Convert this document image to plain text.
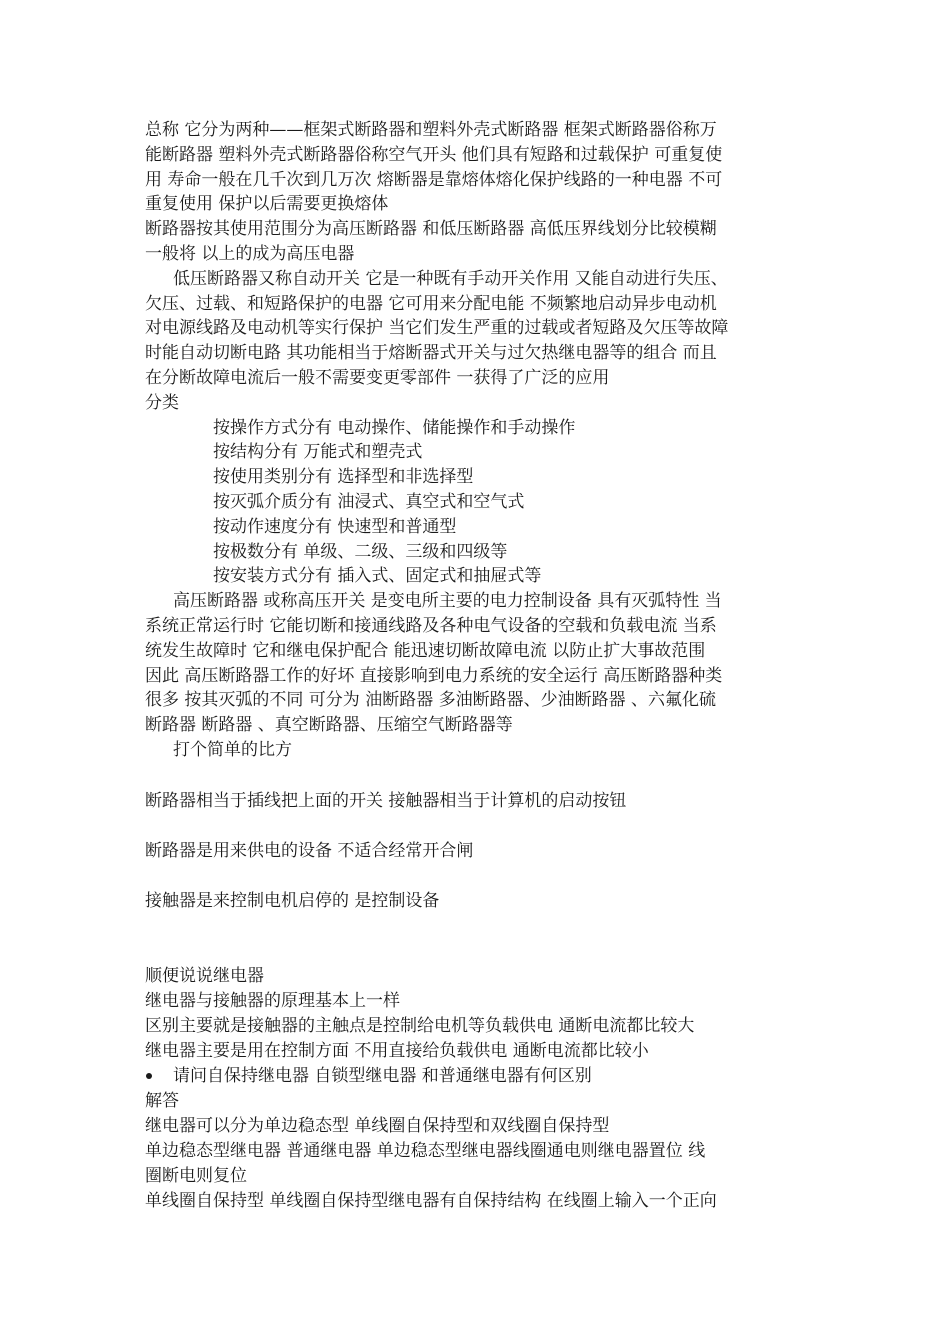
总称 它分为两种——框架式断路器和塑料外壳式断路器 框架式断路器俗称万
能断路器 塑料外壳式断路器俗称空气开头 他们具有短路和过载保护 可重复使
用 寿命一般在几千次到几万次 熔断器是靠熔体熔化保护线路的一种电器 不可
重复使用 保护以后需要更换熔体
断路器按其使用范围分为高压断路器 和低压断路器 高低压界线划分比较模糊
一般将 以上的成为高压电器
低压断路器又称自动开关 它是一种既有手动开关作用 又能自动进行失压、
欠压、过载、和短路保护的电器 它可用来分配电能 不频繁地启动异步电动机
对电源线路及电动机等实行保护 当它们发生严重的过载或者短路及欠压等故障
时能自动切断电路 其功能相当于熔断器式开关与过欠热继电器等的组合 而且
在分断故障电流后一般不需要变更零部件 一获得了广泛的应用
分类
按操作方式分有 电动操作、储能操作和手动操作
按结构分有 万能式和塑壳式
按使用类别分有 选择型和非选择型
按灭弧介质分有 油浸式、真空式和空气式
按动作速度分有 快速型和普通型
按极数分有 单级、二级、三级和四级等
按安装方式分有 插入式、固定式和抽屉式等
高压断路器 或称高压开关 是变电所主要的电力控制设备 具有灭弧特性 当
系统正常运行时 它能切断和接通线路及各种电气设备的空载和负载电流 当系
统发生故障时 它和继电保护配合 能迅速切断故障电流 以防止扩大事故范围
因此 高压断路器工作的好坏 直接影响到电力系统的安全运行 高压断路器种类
很多 按其灭弧的不同 可分为 油断路器 多油断路器、少油断路器 、六氟化硫
断路器 断路器 、真空断路器、压缩空气断路器等
打个简单的比方
断路器相当于插线把上面的开关 接触器相当于计算机的启动按钮
断路器是用来供电的设备 不适合经常开合闸
接触器是来控制电机启停的 是控制设备
顺便说说继电器
继电器与接触器的原理基本上一样
区别主要就是接触器的主触点是控制给电机等负载供电 通断电流都比较大
继电器主要是用在控制方面 不用直接给负载供电 通断电流都比较小
请问自保持继电器 自锁型继电器 和普通继电器有何区别
解答
继电器可以分为单边稳态型 单线圈自保持型和双线圈自保持型
单边稳态型继电器 普通继电器 单边稳态型继电器线圈通电则继电器置位 线
圈断电则复位
单线圈自保持型 单线圈自保持型继电器有自保持结构 在线圈上输入一个正向
